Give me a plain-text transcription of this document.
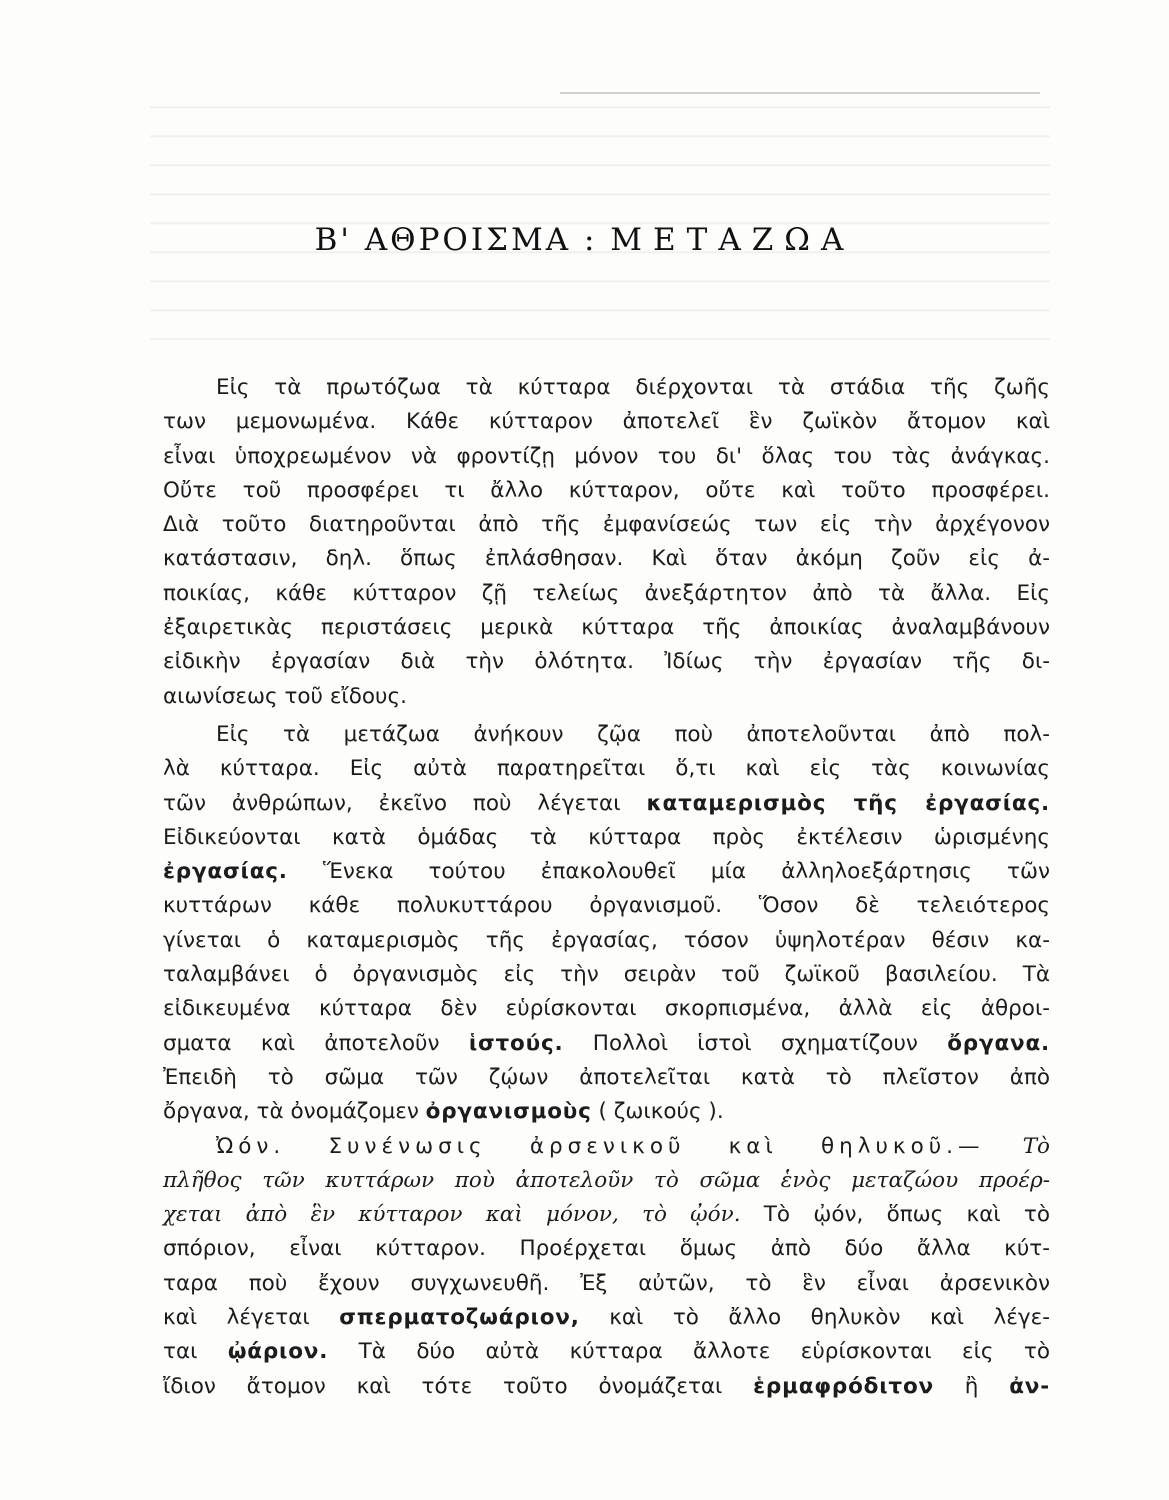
Β' ΑΘΡΟΙΣΜΑ : ΜΕΤΑΖΩΑ

Εἰς τὰ πρωτόζωα τὰ κύτταρα διέρχονται τὰ στάδια τῆς ζωῆς
των μεμονωμένα. Κάθε κύτταρον ἀποτελεῖ ἓν ζωϊκὸν ἄτομον καὶ
εἶναι ὑποχρεωμένον νὰ φροντίζῃ μόνον του δι' ὅλας του τὰς ἀνάγκας.
Οὔτε τοῦ προσφέρει τι ἄλλο κύτταρον, οὔτε καὶ τοῦτο προσφέρει.
Διὰ τοῦτο διατηροῦνται ἀπὸ τῆς ἐμφανίσεώς των εἰς τὴν ἀρχέγονον
κατάστασιν, δηλ. ὅπως ἐπλάσθησαν. Καὶ ὅταν ἀκόμη ζοῦν εἰς ἀ-
ποικίας, κάθε κύτταρον ζῇ τελείως ἀνεξάρτητον ἀπὸ τὰ ἄλλα. Εἰς
ἐξαιρετικὰς περιστάσεις μερικὰ κύτταρα τῆς ἀποικίας ἀναλαμβάνουν
εἰδικὴν ἐργασίαν διὰ τὴν ὁλότητα. Ἰδίως τὴν ἐργασίαν τῆς δι-
αιωνίσεως τοῦ εἴδους.

Εἰς τὰ μετάζωα ἀνήκουν ζῷα ποὺ ἀποτελοῦνται ἀπὸ πολ-
λὰ κύτταρα. Εἰς αὐτὰ παρατηρεῖται ὅ,τι καὶ εἰς τὰς κοινωνίας
τῶν ἀνθρώπων, ἐκεῖνο ποὺ λέγεται καταμερισμὸς τῆς ἐργασίας.
Εἰδικεύονται κατὰ ὁμάδας τὰ κύτταρα πρὸς ἐκτέλεσιν ὡρισμένης
ἐργασίας. Ἕνεκα τούτου ἐπακολουθεῖ μία ἀλληλοεξάρτησις τῶν
κυττάρων κάθε πολυκυττάρου ὀργανισμοῦ. Ὅσον δὲ τελειότερος
γίνεται ὁ καταμερισμὸς τῆς ἐργασίας, τόσον ὑψηλοτέραν θέσιν κα-
ταλαμβάνει ὁ ὀργανισμὸς εἰς τὴν σειρὰν τοῦ ζωϊκοῦ βασιλείου. Τὰ
εἰδικευμένα κύτταρα δὲν εὑρίσκονται σκορπισμένα, ἀλλὰ εἰς ἀθροι-
σματα καὶ ἀποτελοῦν ἱστούς. Πολλοὶ ἱστοὶ σχηματίζουν ὄργανα.
Ἐπειδὴ τὸ σῶμα τῶν ζῴων ἀποτελεῖται κατὰ τὸ πλεῖστον ἀπὸ
ὄργανα, τὰ ὀνομάζομεν ὀργανισμοὺς ( ζωικούς ).

Ὠόν. Συνένωσις ἀρσενικοῦ καὶ θηλυκοῦ.— Τὸ
πλῆθος τῶν κυττάρων ποὺ ἀποτελοῦν τὸ σῶμα ἑνὸς μεταζώου προέρ-
χεται ἀπὸ ἓν κύτταρον καὶ μόνον, τὸ ᾠόν. Τὸ ᾠόν, ὅπως καὶ τὸ
σπόριον, εἶναι κύτταρον. Προέρχεται ὅμως ἀπὸ δύο ἄλλα κύτ-
ταρα ποὺ ἔχουν συγχωνευθῆ. Ἐξ αὐτῶν, τὸ ἓν εἶναι ἀρσενικὸν
καὶ λέγεται σπερματοζωάριον, καὶ τὸ ἄλλο θηλυκὸν καὶ λέγε-
ται ᾠάριον. Τὰ δύο αὐτὰ κύτταρα ἄλλοτε εὑρίσκονται εἰς τὸ
ἴδιον ἄτομον καὶ τότε τοῦτο ὀνομάζεται ἑρμαφρόδιτον ἢ ἀν-
